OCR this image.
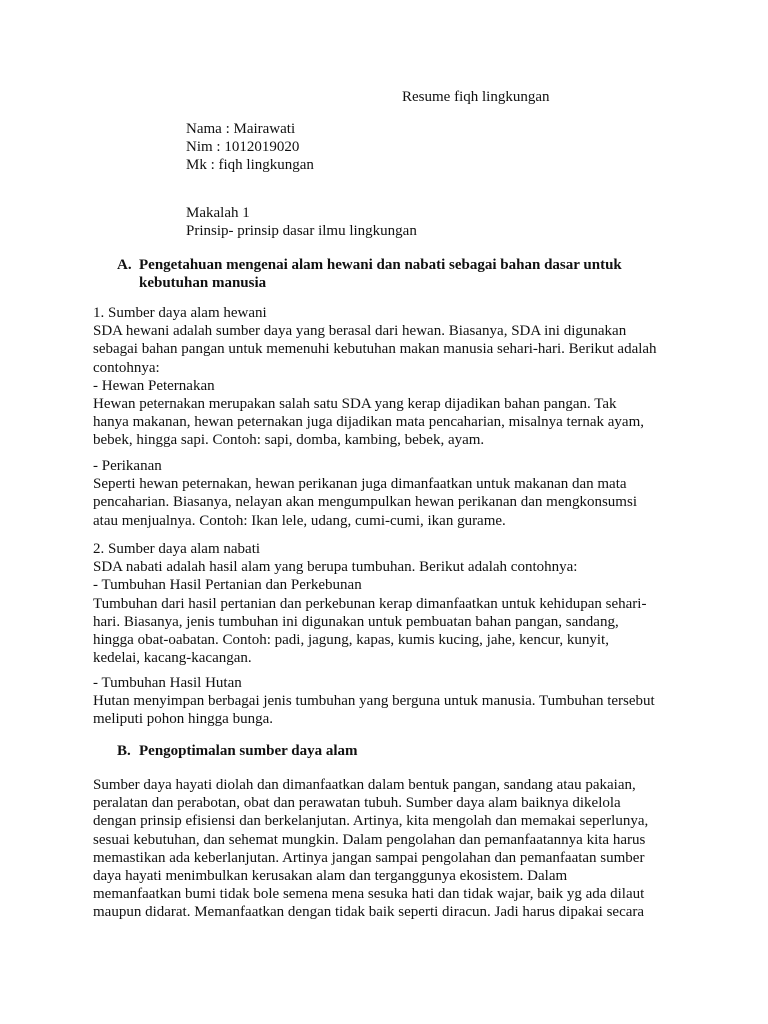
Resume fiqh lingkungan
Nama : Mairawati
Nim : 1012019020
Mk : fiqh lingkungan
Makalah 1
Prinsip- prinsip dasar ilmu lingkungan
A. Pengetahuan mengenai alam hewani dan nabati sebagai bahan dasar untuk
kebutuhan manusia
1. Sumber daya alam hewani
SDA hewani adalah sumber daya yang berasal dari hewan. Biasanya, SDA ini digunakan
sebagai bahan pangan untuk memenuhi kebutuhan makan manusia sehari-hari. Berikut adalah
contohnya:
- Hewan Peternakan
Hewan peternakan merupakan salah satu SDA yang kerap dijadikan bahan pangan. Tak
hanya makanan, hewan peternakan juga dijadikan mata pencaharian, misalnya ternak ayam,
bebek, hingga sapi. Contoh: sapi, domba, kambing, bebek, ayam.
- Perikanan
Seperti hewan peternakan, hewan perikanan juga dimanfaatkan untuk makanan dan mata
pencaharian. Biasanya, nelayan akan mengumpulkan hewan perikanan dan mengkonsumsi
atau menjualnya. Contoh: Ikan lele, udang, cumi-cumi, ikan gurame.
2. Sumber daya alam nabati
SDA nabati adalah hasil alam yang berupa tumbuhan. Berikut adalah contohnya:
- Tumbuhan Hasil Pertanian dan Perkebunan
Tumbuhan dari hasil pertanian dan perkebunan kerap dimanfaatkan untuk kehidupan sehari-
hari. Biasanya, jenis tumbuhan ini digunakan untuk pembuatan bahan pangan, sandang,
hingga obat-oabatan. Contoh: padi, jagung, kapas, kumis kucing, jahe, kencur, kunyit,
kedelai, kacang-kacangan.
- Tumbuhan Hasil Hutan
Hutan menyimpan berbagai jenis tumbuhan yang berguna untuk manusia. Tumbuhan tersebut
meliputi pohon hingga bunga.
B. Pengoptimalan sumber daya alam
Sumber daya hayati diolah dan dimanfaatkan dalam bentuk pangan, sandang atau pakaian,
peralatan dan perabotan, obat dan perawatan tubuh. Sumber daya alam baiknya dikelola
dengan prinsip efisiensi dan berkelanjutan. Artinya, kita mengolah dan memakai seperlunya,
sesuai kebutuhan, dan sehemat mungkin. Dalam pengolahan dan pemanfaatannya kita harus
memastikan ada keberlanjutan. Artinya jangan sampai pengolahan dan pemanfaatan sumber
daya hayati menimbulkan kerusakan alam dan terganggunya ekosistem. Dalam
memanfaatkan bumi tidak bole semena mena sesuka hati dan tidak wajar, baik yg ada dilaut
maupun didarat. Memanfaatkan dengan tidak baik seperti diracun. Jadi harus dipakai secara
